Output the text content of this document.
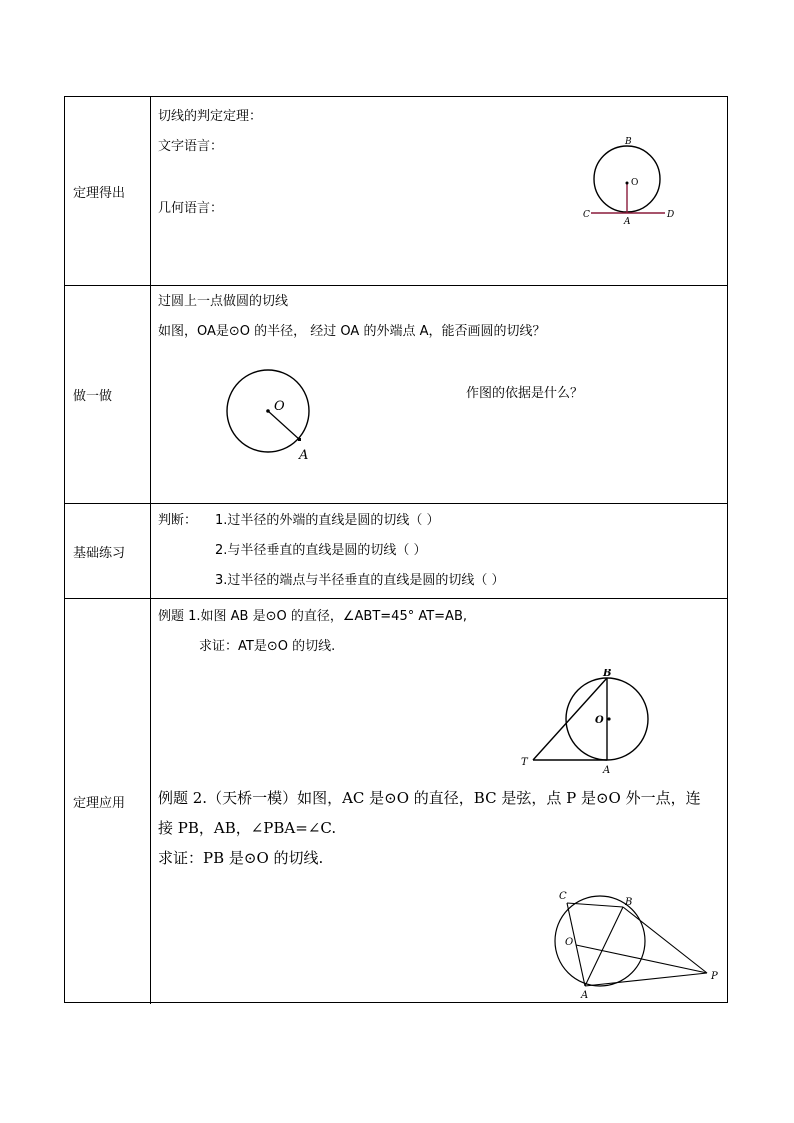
定理得出
切线的判定定理：
文字语言：
几何语言：
B
O
C
A
D
做一做
过圆上一点做圆的切线
如图，OA是⊙O 的半径， 经过 OA 的外端点 A，能否画圆的切线？
作图的依据是什么？
O
A
基础练习
判断： 1.过半径的外端的直线是圆的切线（ ）
2.与半径垂直的直线是圆的切线（ ）
3.过半径的端点与半径垂直的直线是圆的切线（ ）
定理应用
例题 1.如图 AB 是⊙O 的直径，∠ABT=45° AT=AB,
求证：AT是⊙O 的切线.
B
O
T
A
例题 2.（天桥一模）如图，AC 是⊙O 的直径，BC 是弦，点 P 是⊙O 外一点，连
接 PB，AB，∠PBA=∠C.
求证：PB 是⊙O 的切线.
C
B
O
P
A
